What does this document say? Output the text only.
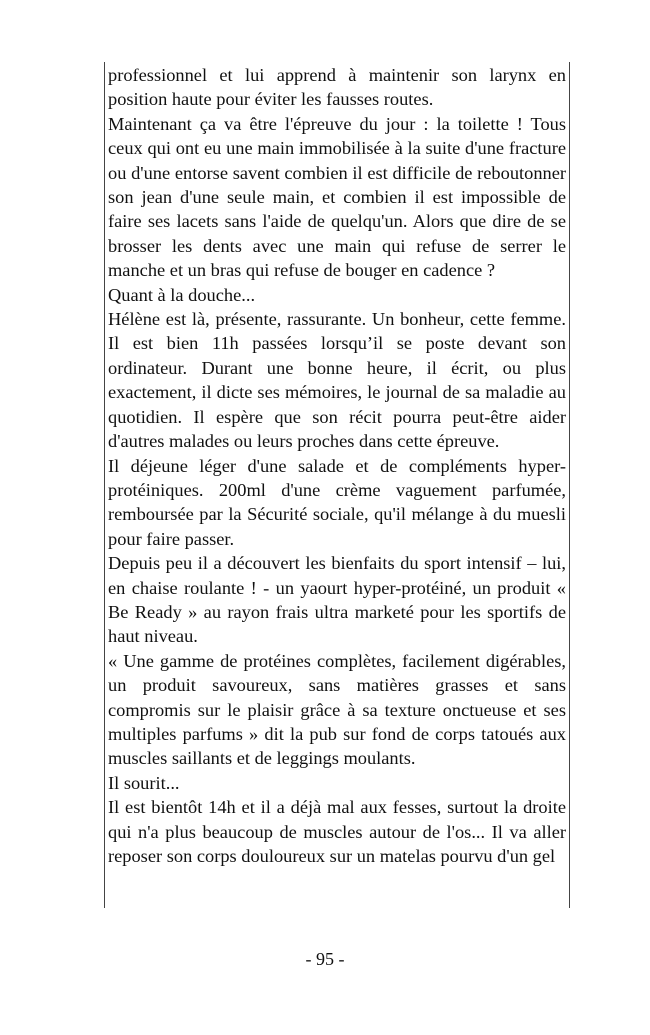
professionnel et lui apprend à maintenir son larynx en position haute pour éviter les fausses routes.

Maintenant ça va être l'épreuve du jour : la toilette ! Tous ceux qui ont eu une main immobilisée à la suite d'une fracture ou d'une entorse savent combien il est difficile de reboutonner son jean d'une seule main, et combien il est impossible de faire ses lacets sans l'aide de quelqu'un. Alors que dire de se brosser les dents avec une main qui refuse de serrer le manche et un bras qui refuse de bouger en cadence ?

Quant à la douche...

Hélène est là, présente, rassurante. Un bonheur, cette femme. Il est bien 11h passées lorsqu’il se poste devant son ordinateur. Durant une bonne heure, il écrit, ou plus exactement, il dicte ses mémoires, le journal de sa maladie au quotidien. Il espère que son récit pourra peut-être aider d'autres malades ou leurs proches dans cette épreuve.

Il déjeune léger d'une salade et de compléments hyper-protéiniques. 200ml d'une crème vaguement parfumée, remboursée par la Sécurité sociale, qu'il mélange à du muesli pour faire passer.

Depuis peu il a découvert les bienfaits du sport intensif – lui, en chaise roulante ! - un yaourt hyper-protéiné, un produit « Be Ready » au rayon frais ultra marketé pour les sportifs de haut niveau.

« Une gamme de protéines complètes, facilement digérables, un produit savoureux, sans matières grasses et sans compromis sur le plaisir grâce à sa texture onctueuse et ses multiples parfums » dit la pub sur fond de corps tatoués aux muscles saillants et de leggings moulants.

Il sourit...

Il est bientôt 14h et il a déjà mal aux fesses, surtout la droite qui n'a plus beaucoup de muscles autour de l'os... Il va aller reposer son corps douloureux sur un matelas pourvu d'un gel

- 95 -
